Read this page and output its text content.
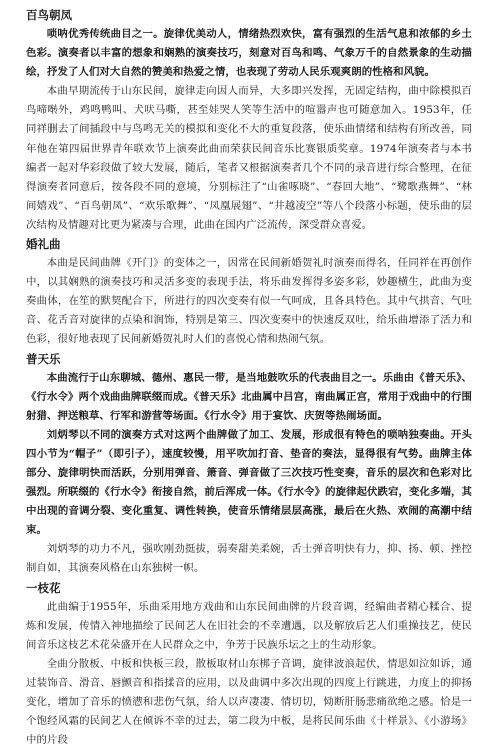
百鸟朝凤

唢呐优秀传统曲目之一。旋律优美动人，情绪热烈欢快，富有强烈的生活气息和浓郁的乡土色彩。演奏者以丰富的想象和娴熟的演奏技巧，刻意对百鸟和鸣、气象万千的自然景象的生动描绘，抒发了人们对大自然的赞美和热爱之情，也表现了劳动人民乐观爽朗的性格和风貌。

本曲早期流传于山东民间，旋律走向因人而异，大多即兴发挥，无固定结构，曲中除模拟百鸟啼啭外，鸡鸣鸭叫、犬吠马嘶，甚至娃哭人笑等生活中的喧嚣声也可随意加入。1953年，任同祥删去了间插段中与鸟鸣无关的模拟和变化不大的重复段落，使乐曲情绪和结构有所改善，同年他在第四届世界青年联欢节上演奏此曲而荣获民间音乐比赛银质奖章。1974年演奏者与本书编者一起对华彩段做了较大发展，随后，笔者又根据演奏者几个不同的录音进行综合整理，在征得演奏者同意后，按各段不同的意境，分别标注了“山雀啄晓”、“春回大地”、“鹭歌燕舞”、“林间嬉戏”、“百鸟朝凤”、“欢乐歌舞”、“凤凰展翅”、“井越凌空”等八个段落小标题，使乐曲的层次结构及情趣对比更为紧凑与合理，此曲在国内广泛流传，深受群众喜爱。

婚礼曲

本曲是民间曲牌《开门》的变体之一，因常在民间新婚贺礼时演奏而得名，任同祥在再创作中，以其娴熟的演奏技巧和灵活多变的表现手法，将乐曲发挥得多姿多彩，妙趣横生，此曲为变奏曲体，在笙的默契配合下，所进行的四次变奏有似一气呵成，且各具特色。其中气拱音、气吐音、花舌音对旋律的点染和润饰，特别是第三、四次变奏中的快速反双吐，给乐曲增添了活力和色彩，很好地表现了民间新婚贺礼时人们的喜悦心情和热闹气氛。

普天乐

本曲流行于山东聊城、德州、惠民一带，是当地鼓吹乐的代表曲目之一。乐曲由《普天乐》、《行水令》两个戏曲曲牌联缀而成。《普天乐》北曲属中吕宫，南曲属正宫，常用于戏曲中的行围射猎、押送粮草、行军和游营等场面。《行水令》用于宴饮、庆贺等热闹场面。

刘炳琴以不同的演奏方式对这两个曲牌做了加工、发展，形成很有特色的唢呐独奏曲。开头四小节为“帽子”（即引子），速度较慢，用平吹加打音、垫音的奏法，显得很有气势。曲牌主体部分、旋律明快而活跃，分别用弹音、箫音、弹音做了三次技巧性变奏，音乐的层次和色彩对比强烈。所联缀的《行水令》衔接自然，前后浑成一体。《行水令》的旋律起伏跌宕，变化多端，其中出现的音调分裂、变化重复、调性转换，使音乐情绪层层高涨，最后在火热、欢闹的高潮中结束。

刘炳琴的功力不凡，强吹刚劲挺拔，弱奏甜美柔婉，舌士弹音明快有力，抑、扬、顿、挫控制自如，其演奏风格在山东独树一帜。

一枝花

此曲编于1955年，乐曲采用地方戏曲和山东民间曲牌的片段音调，经编曲者精心糅合、提炼和发展，传情入神地描绘了民间艺人在旧社会的不幸遭遇，以及解放后艺人们重操技艺，使民间音乐这枝艺术花朵盛开在人民群众之中，争芳于民族乐坛之上的生动形象。

全曲分散板、中板和快板三段，散板取材山东梆子音调，旋律波浪起伏，情思如泣如诉，通过装饰音、滑音、唇颤音和指揉音的应用，以及曲调中多次出现的四度上行跳进，力度上的抑扬变化，增加了音乐的愤懑和悲伤气氛，给人以声凄凄、情切切，恸断肝肠悲痛欲绝之感。恰是一个饱经风霜的民间艺人在倾诉不幸的过去，第二段为中板，是将民间乐曲《十样景》、《小游场》中的片段
